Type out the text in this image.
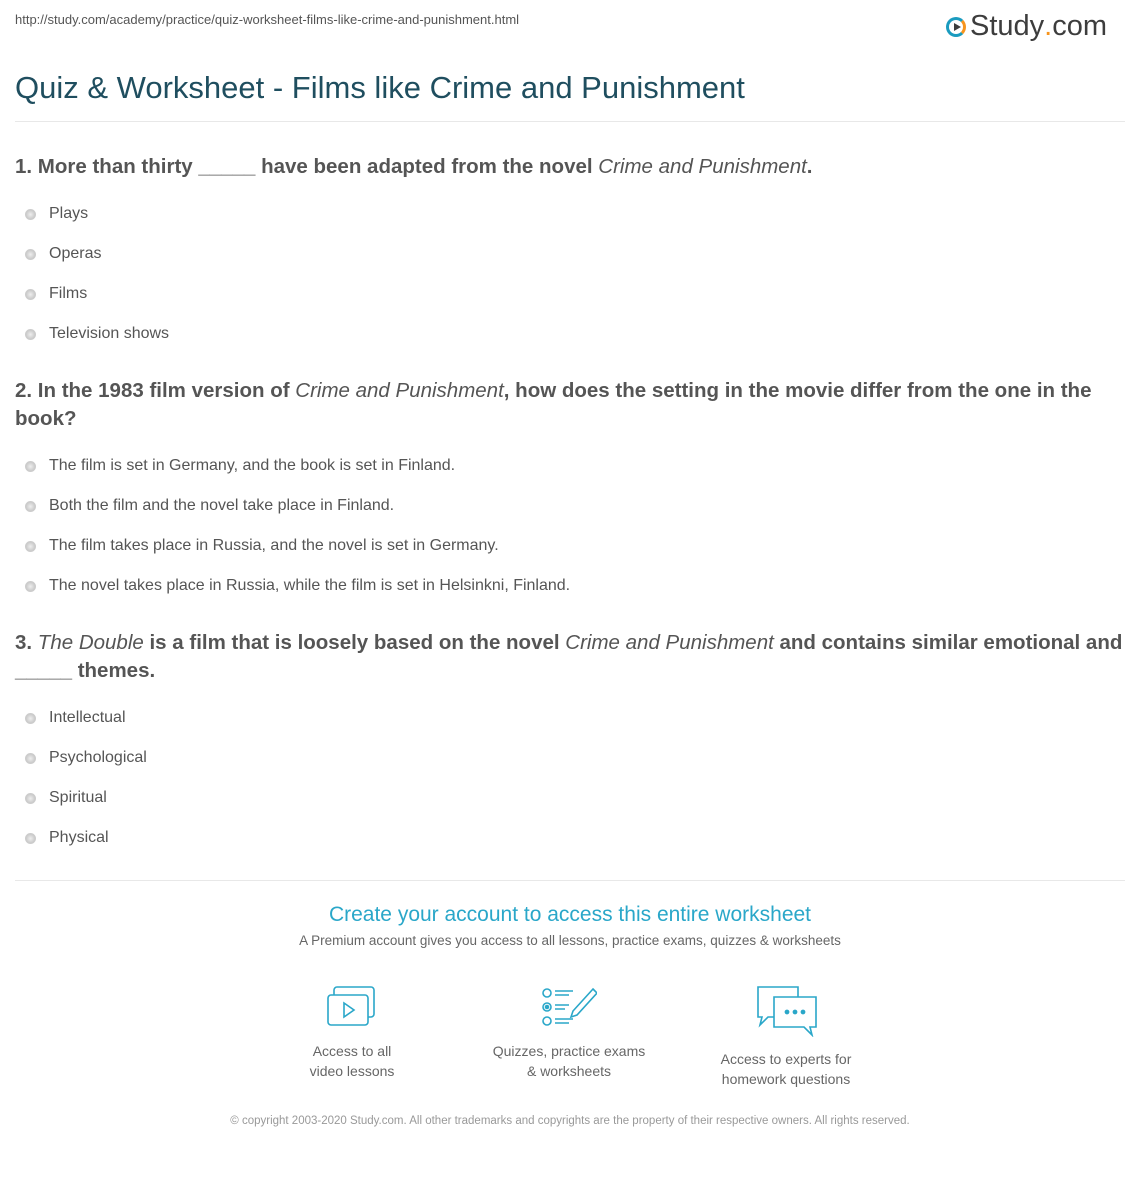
http://study.com/academy/practice/quiz-worksheet-films-like-crime-and-punishment.html	Study . com
Quiz & Worksheet - Films like Crime and Punishment

1. More than thirty _____ have been adapted from the novel Crime and Punishment.

Plays
Operas
Films
Television shows

2. In the 1983 film version of Crime and Punishment, how does the setting in the movie differ from the one in the book?

The film is set in Germany, and the book is set in Finland.
Both the film and the novel take place in Finland.
The film takes place in Russia, and the novel is set in Germany.
The novel takes place in Russia, while the film is set in Helsinkni, Finland.

3. The Double is a film that is loosely based on the novel Crime and Punishment and contains similar emotional and _____ themes.

Intellectual
Psychological
Spiritual
Physical
Create your account to access this entire worksheet

A Premium account gives you access to all lessons, practice exams, quizzes & worksheets

Access to all
video lessons
Quizzes, practice exams
& worksheets
Access to experts for
homework questions
© copyright 2003-2020 Study.com. All other trademarks and copyrights are the property of their respective owners. All rights reserved.
